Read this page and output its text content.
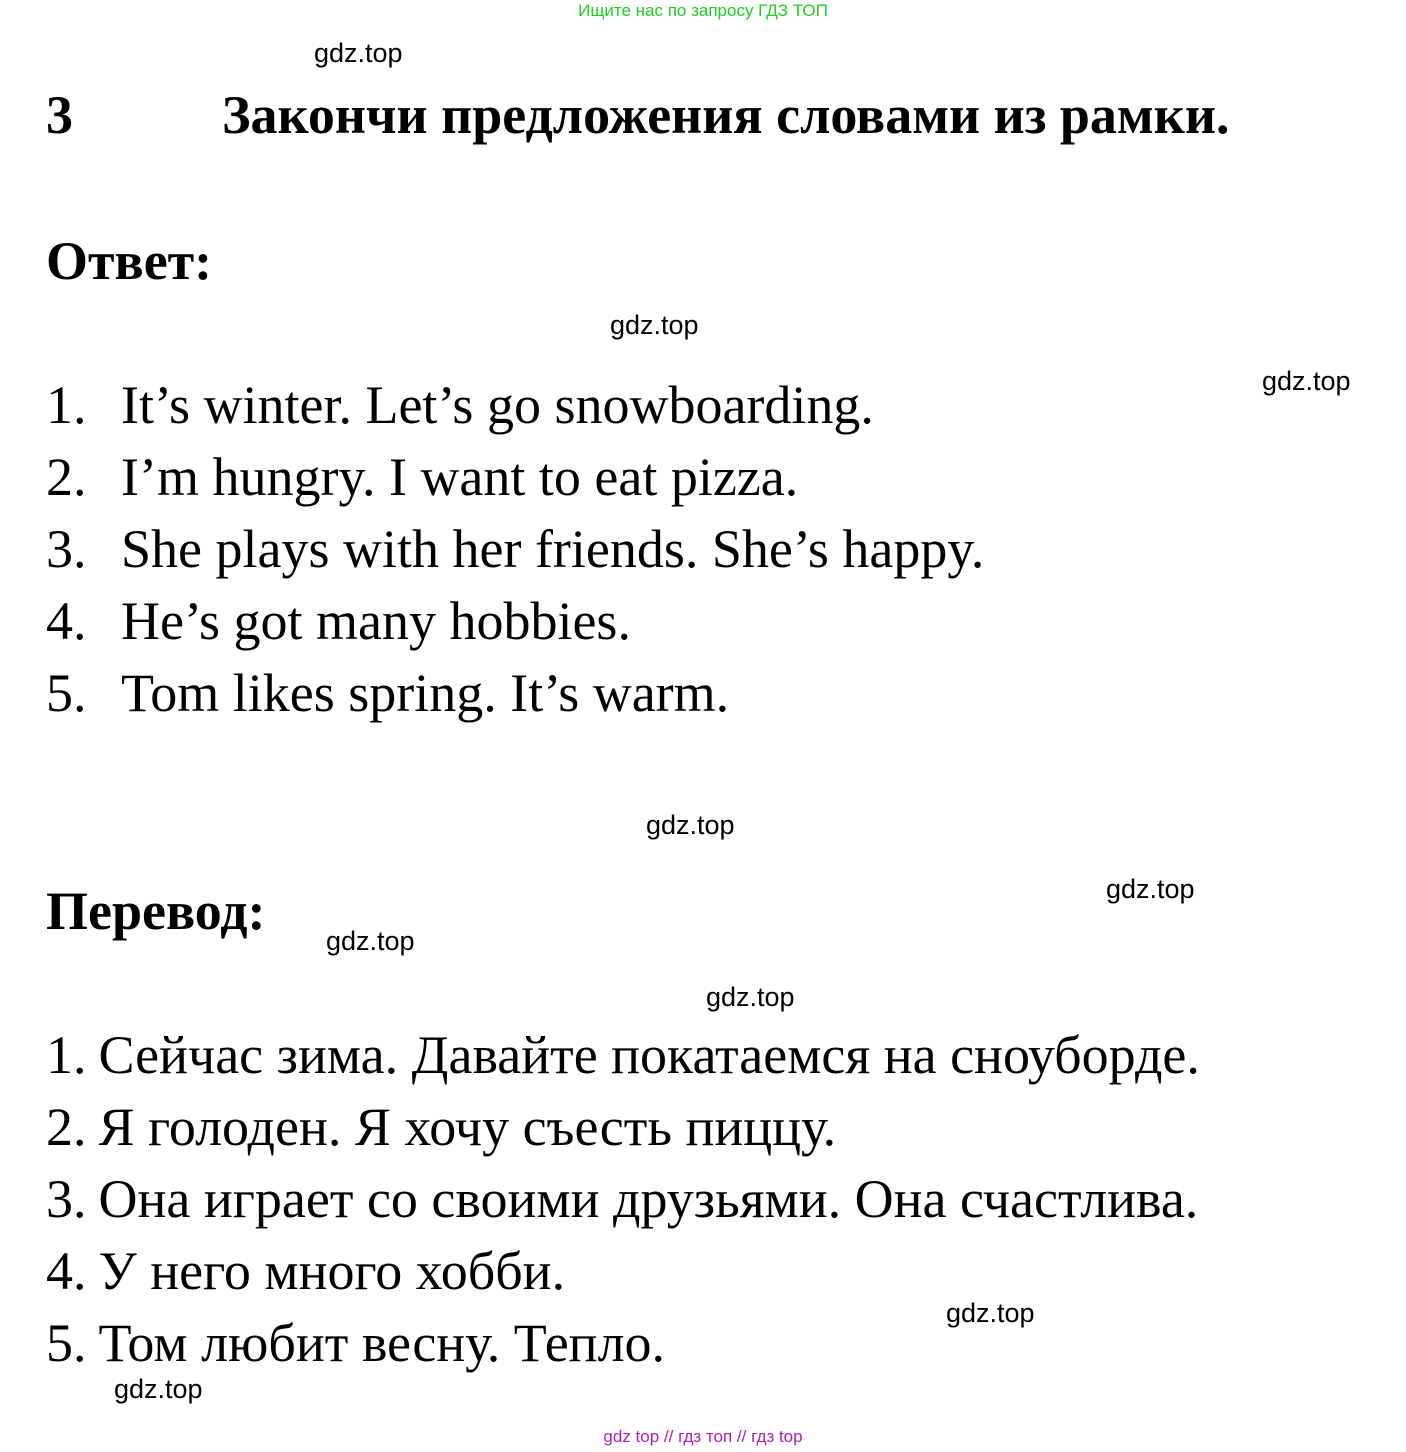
Ищите нас по запросу ГДЗ ТОП
gdz.top
3	Закончи предложения словами из рамки.
Ответ:
gdz.top
gdz.top
1. It’s winter. Let’s go snowboarding.
2. I’m hungry. I want to eat pizza.
3. She plays with her friends. She’s happy.
4. He’s got many hobbies.
5. Tom likes spring. It’s warm.
gdz.top
gdz.top
Перевод: gdz.top
gdz.top
1. Сейчас зима. Давайте покатаемся на сноуборде.
2. Я голоден. Я хочу съесть пиццу.
3. Она играет со своими друзьями. Она счастлива.
4. У него много хобби.
5. Том любит весну. Тепло.	gdz.top
gdz.top
gdz top // гдз топ // гдз top
